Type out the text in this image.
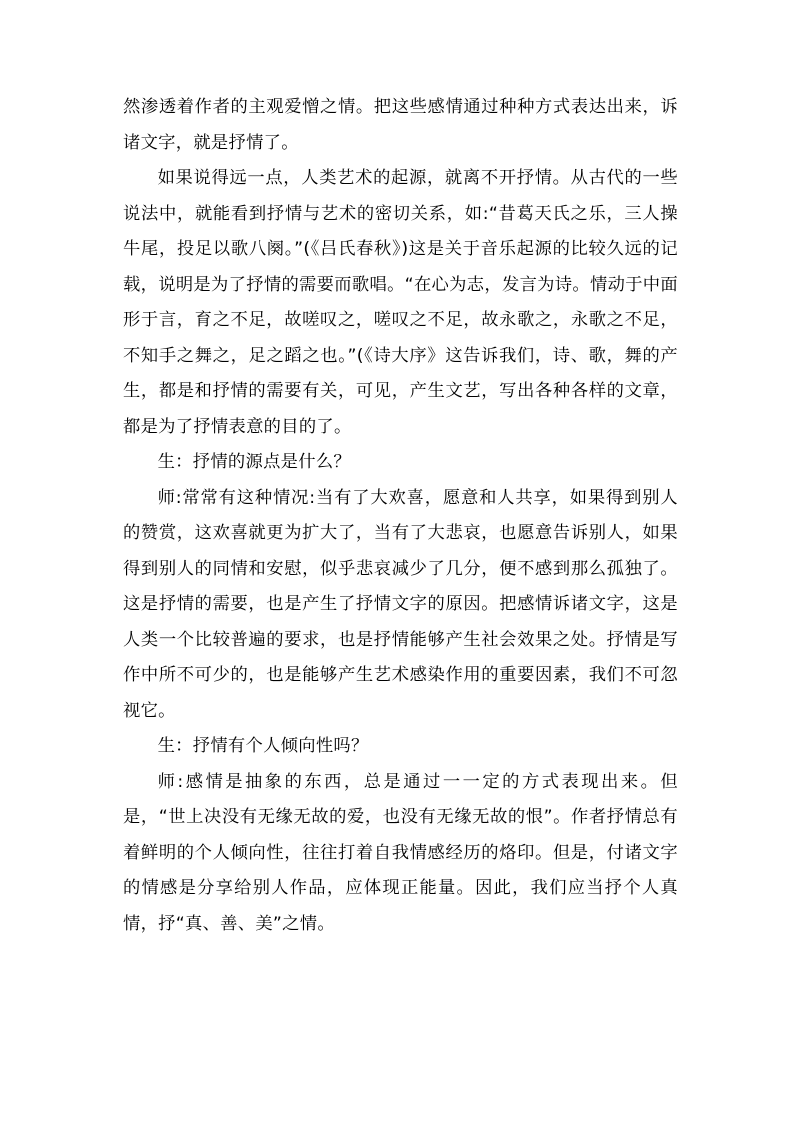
然渗透着作者的主观爱憎之情。把这些感情通过种种方式表达出来，诉诸文字，就是抒情了。

如果说得远一点，人类艺术的起源，就离不开抒情。从古代的一些说法中，就能看到抒情与艺术的密切关系，如:“昔葛天氏之乐，三人操牛尾，投足以歌八阕。”(《吕氏春秋》)这是关于音乐起源的比较久远的记载，说明是为了抒情的需要而歌唱。“在心为志，发言为诗。情动于中面形于言，育之不足，故嗟叹之，嗟叹之不足，故永歌之，永歌之不足，不知手之舞之，足之蹈之也。”(《诗大序》这告诉我们，诗、歌，舞的产生，都是和抒情的需要有关，可见，产生文艺，写出各种各样的文章，都是为了抒情表意的目的了。

生：抒情的源点是什么？

师:常常有这种情况:当有了大欢喜，愿意和人共享，如果得到别人的赞赏，这欢喜就更为扩大了，当有了大悲哀，也愿意告诉别人，如果得到别人的同情和安慰，似乎悲哀减少了几分，便不感到那么孤独了。这是抒情的需要，也是产生了抒情文字的原因。把感情诉诸文字，这是人类一个比较普遍的要求，也是抒情能够产生社会效果之处。抒情是写作中所不可少的，也是能够产生艺术感染作用的重要因素，我们不可忽视它。

生：抒情有个人倾向性吗？

师:感情是抽象的东西，总是通过一一定的方式表现出来。但是，“世上决没有无缘无故的爱，也没有无缘无故的恨”。作者抒情总有着鲜明的个人倾向性，往往打着自我情感经历的烙印。但是，付诸文字的情感是分享给别人作品，应体现正能量。因此，我们应当抒个人真情，抒“真、善、美”之情。
